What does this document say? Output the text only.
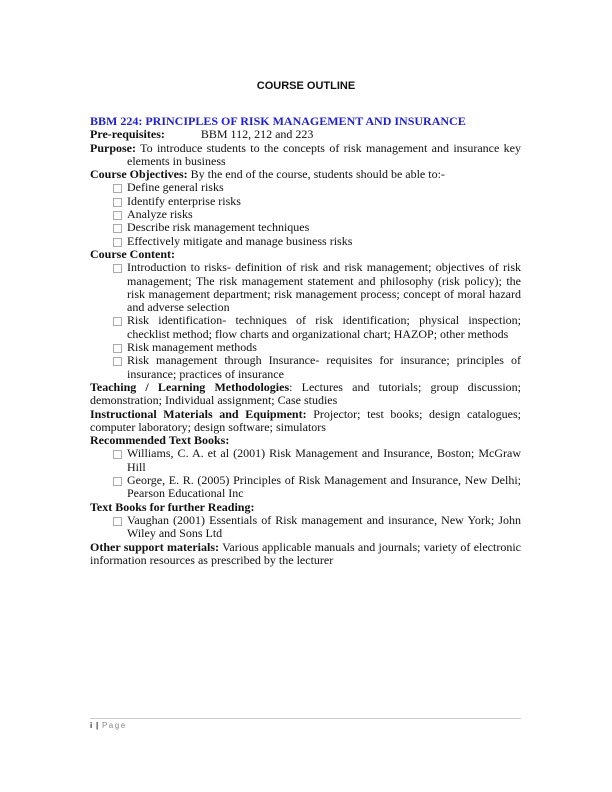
COURSE OUTLINE

BBM 224: PRINCIPLES OF RISK MANAGEMENT AND INSURANCE

Pre-requisites:	BBM 112, 212 and 223

Purpose: To introduce students to the concepts of risk management and insurance key elements in business

Course Objectives: By the end of the course, students should be able to:-

Define general risks
Identify enterprise risks
Analyze risks
Describe risk management techniques
Effectively mitigate and manage business risks

Course Content:

Introduction to risks- definition of risk and risk management; objectives of risk management; The risk management statement and philosophy (risk policy); the risk management department; risk management process; concept of moral hazard and adverse selection
Risk identification- techniques of risk identification; physical inspection; checklist method; flow charts and organizational chart; HAZOP; other methods
Risk management methods
Risk management through Insurance- requisites for insurance; principles of insurance; practices of insurance

Teaching / Learning Methodologies: Lectures and tutorials; group discussion; demonstration; Individual assignment; Case studies

Instructional Materials and Equipment: Projector; test books; design catalogues; computer laboratory; design software; simulators

Recommended Text Books:

Williams, C. A. et al (2001) Risk Management and Insurance, Boston; McGraw Hill
George, E. R. (2005) Principles of Risk Management and Insurance, New Delhi; Pearson Educational Inc

Text Books for further Reading:

Vaughan (2001) Essentials of Risk management and insurance, New York; John Wiley and Sons Ltd

Other support materials: Various applicable manuals and journals; variety of electronic information resources as prescribed by the lecturer

i | Page
